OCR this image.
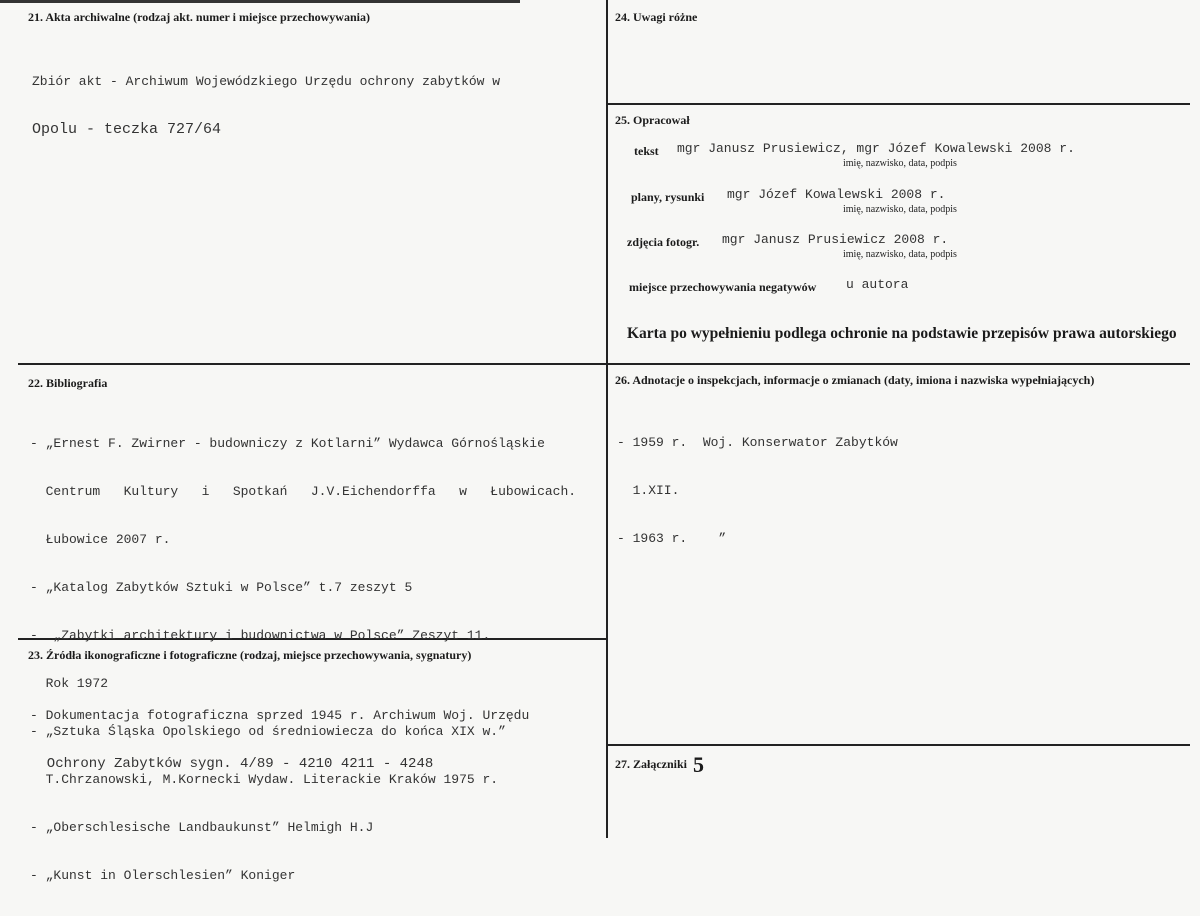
21. Akta archiwalne (rodzaj akt. numer i miejsce przechowywania)

Zbiór akt - Archiwum Wojewódzkiego Urzędu ochrony zabytków w

Opolu - teczka 727/64

22. Bibliografia

- „Ernest F. Zwirner - budowniczy z Kotlarni” Wydawca Górnośląskie

Centrum   Kultury   i   Spotkań   J.V.Eichendorffa   w   Łubowicach.

Łubowice 2007 r.

- „Katalog Zabytków Sztuki w Polsce” t.7 zeszyt 5

-  „Zabytki architektury i budownictwa w Polsce” Zeszyt 11.

Rok 1972

- „Sztuka Śląska Opolskiego od średniowiecza do końca XIX w.”

T.Chrzanowski, M.Kornecki Wydaw. Literackie Kraków 1975 r.

- „Oberschlesische Landbaukunst” Helmigh H.J

- „Kunst in Olerschlesien” Koniger

23. Źródła ikonograficzne i fotograficzne (rodzaj, miejsce przechowywania, sygnatury)

- Dokumentacja fotograficzna sprzed 1945 r. Archiwum Woj. Urzędu

Ochrony Zabytków sygn. 4/89 - 4210 4211 - 4248

24. Uwagi różne
25. Opracował
tekst mgr Janusz Prusiewicz, mgr Józef Kowalewski 2008 r.
imię, nazwisko, data, podpis
plany, rysunki mgr Józef Kowalewski 2008 r.
imię, nazwisko, data, podpis
zdjęcia fotogr. mgr Janusz Prusiewicz 2008 r.
imię, nazwisko, data, podpis
miejsce przechowywania negatywów u autora
Karta po wypełnieniu podlega ochronie na podstawie przepisów prawa autorskiego
26. Adnotacje o inspekcjach, informacje o zmianach (daty, imiona i nazwiska wypełniających)

- 1959 r.  Woj. Konserwator Zabytków

1.XII.

- 1963 r.    ”

27. Załączniki 5
